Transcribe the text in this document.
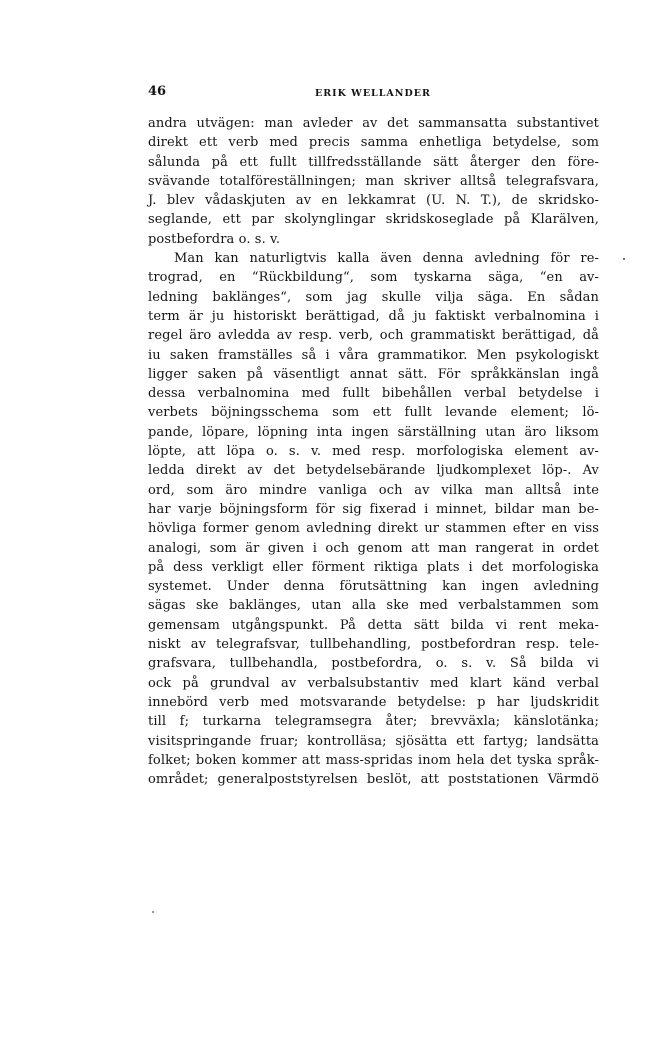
46	ERIK WELLANDER
andra utvägen: man avleder av det sammansatta substantivet
direkt ett verb med precis samma enhetliga betydelse, som
sålunda på ett fullt tillfredsställande sätt återger den före-
svävande totalföreställningen; man skriver alltså telegrafsvara,
J. blev vådaskjuten av en lekkamrat (U. N. T.), de skridsko-
seglande, ett par skolynglingar skridskoseglade på Klarälven,
postbefordra o. s. v.
Man kan naturligtvis kalla även denna avledning för re-
trograd, en “Rückbildung“, som tyskarna säga, “en av-
ledning baklänges“, som jag skulle vilja säga. En sådan
term är ju historiskt berättigad, då ju faktiskt verbalnomina i
regel äro avledda av resp. verb, och grammatiskt berättigad, då
iu saken framställes så i våra grammatikor. Men psykologiskt
ligger saken på väsentligt annat sätt. För språkkänslan ingå
dessa verbalnomina med fullt bibehållen verbal betydelse i
verbets böjningsschema som ett fullt levande element; lö-
pande, löpare, löpning inta ingen särställning utan äro liksom
löpte, att löpa o. s. v. med resp. morfologiska element av-
ledda direkt av det betydelsebärande ljudkomplexet löp-. Av
ord, som äro mindre vanliga och av vilka man alltså inte
har varje böjningsform för sig fixerad i minnet, bildar man be-
hövliga former genom avledning direkt ur stammen efter en viss
analogi, som är given i och genom att man rangerat in ordet
på dess verkligt eller förment riktiga plats i det morfologiska
systemet. Under denna förutsättning kan ingen avledning
sägas ske baklänges, utan alla ske med verbalstammen som
gemensam utgångspunkt. På detta sätt bilda vi rent meka-
niskt av telegrafsvar, tullbehandling, postbefordran resp. tele-
grafsvara, tullbehandla, postbefordra, o. s. v. Så bilda vi
ock på grundval av verbalsubstantiv med klart känd verbal
innebörd verb med motsvarande betydelse: p har ljudskridit
till f; turkarna telegramsegra åter; brevväxla; känslotänka;
visitspringande fruar; kontrolläsa; sjösätta ett fartyg; landsätta
folket; boken kommer att mass-spridas inom hela det tyska språk-
området; generalpoststyrelsen beslöt, att poststationen Värmdö
